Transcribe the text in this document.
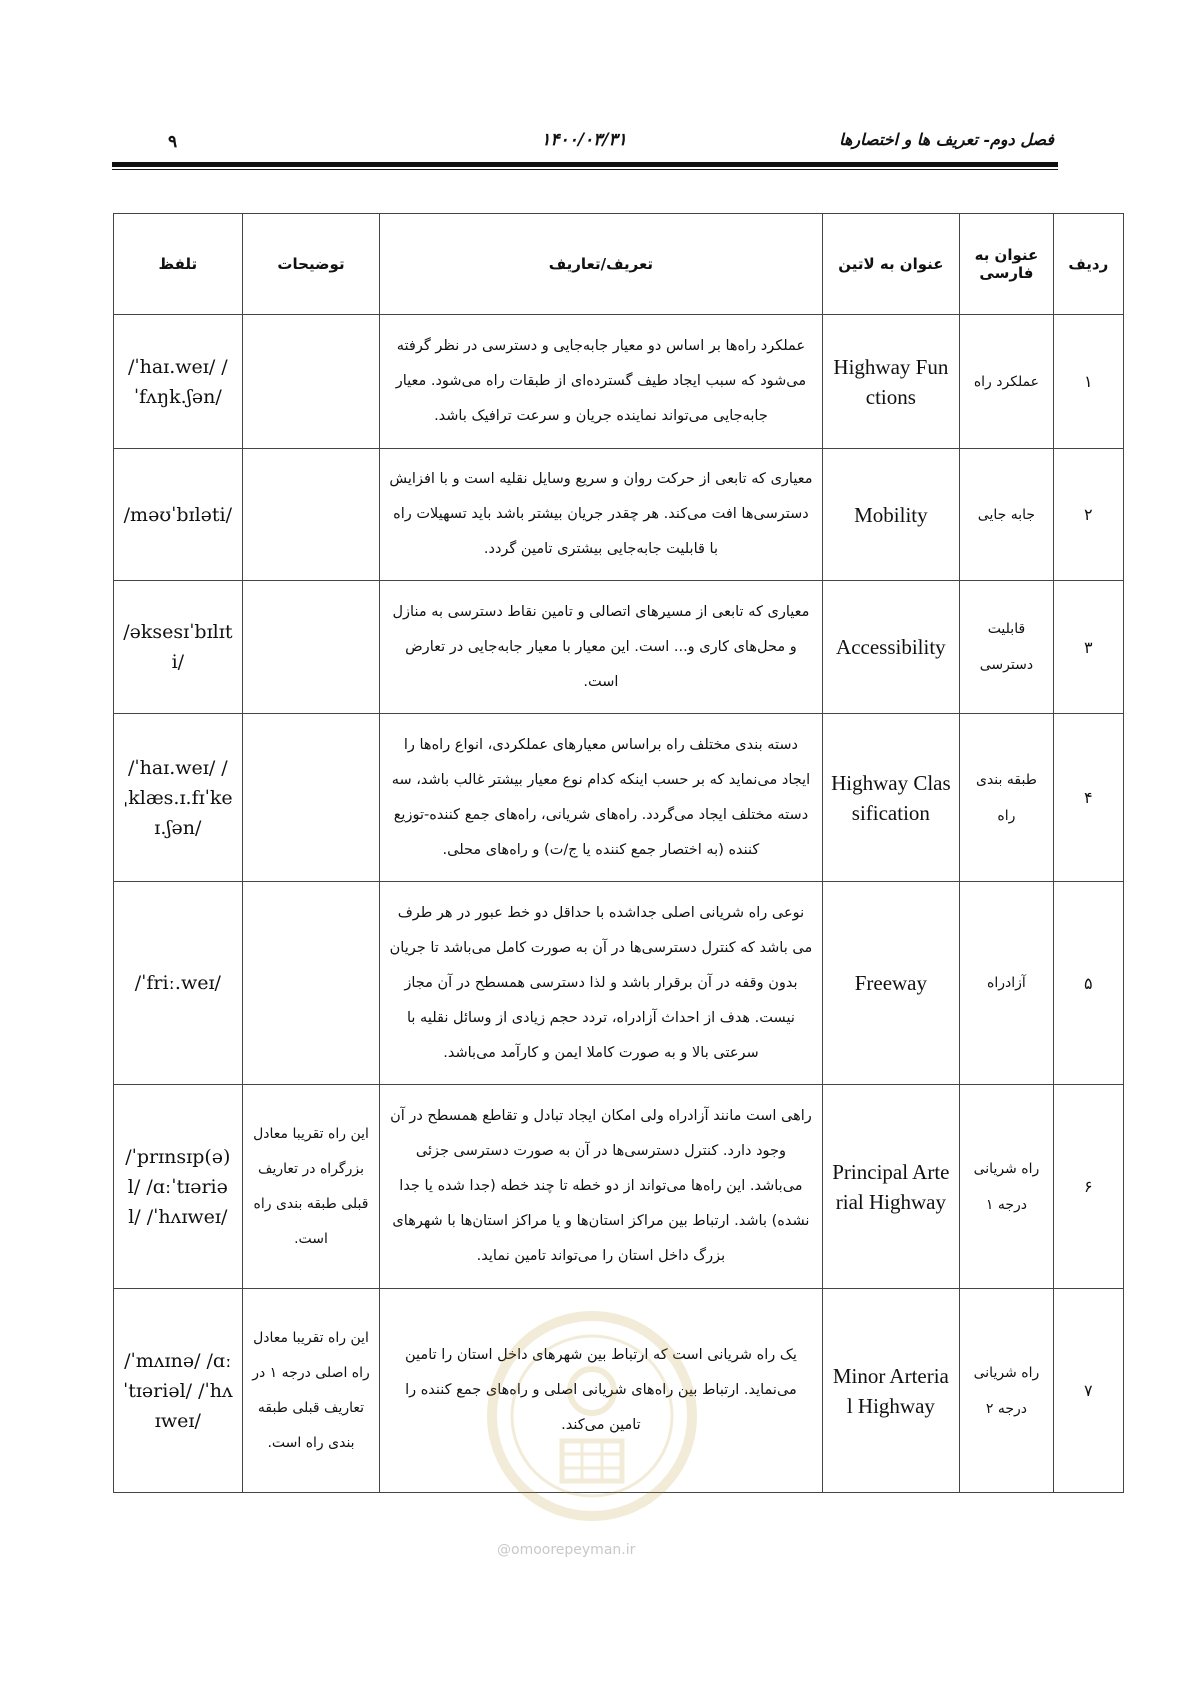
۹	۱۴۰۰/۰۳/۳۱	فصل دوم- تعریف ها و اختصارها
ردیف	عنوان به فارسی	عنوان به لاتین	تعریف/تعاریف	توضیحات	تلفظ
۱	عملکرد راه	Highway Functions	عملکرد راه‌ها بر اساس دو معیار جابه‌جایی و دسترسی در نظر گرفته می‌شود که سبب ایجاد طیف گسترده‌ای از طبقات راه می‌شود. معیار جابه‌جایی می‌تواند نماینده جریان و سرعت ترافیک باشد.		/ˈhaɪ.weɪ/ /ˈfʌŋk.ʃən/
۲	جابه جایی	Mobility	معیاری که تابعی از حرکت روان و سریع وسایل نقلیه است و با افزایش دسترسی‌ها افت می‌کند. هر چقدر جریان بیشتر باشد باید تسهیلات راه با قابلیت جابه‌جایی بیشتری تامین گردد.		/məʊˈbɪləti/
۳	قابلیت دسترسی	Accessibility	معیاری که تابعی از مسیرهای اتصالی و تامین نقاط دسترسی به منازل و محل‌های کاری و... است. این معیار با معیار جابه‌جایی در تعارض است.		/əksesɪˈbɪlɪti/
۴	طبقه بندی راه	Highway Classification	دسته بندی مختلف راه براساس معیارهای عملکردی، انواع راه‌ها را ایجاد می‌نماید که بر حسب اینکه کدام نوع معیار بیشتر غالب باشد، سه دسته مختلف ایجاد می‌گردد. راه‌های شریانی، راه‌های جمع کننده-توزیع کننده (به اختصار جمع کننده یا ج/ت) و راه‌های محلی.		/ˈhaɪ.weɪ/ /ˌklæs.ɪ.fɪˈkeɪ.ʃən/
۵	آزادراه	Freeway	نوعی راه شریانی اصلی جداشده با حداقل دو خط عبور در هر طرف می باشد که کنترل دسترسی‌ها در آن به صورت کامل می‌باشد تا جریان بدون وقفه در آن برقرار باشد و لذا دسترسی همسطح در آن مجاز نیست. هدف از احداث آزادراه، تردد حجم زیادی از وسائل نقلیه با سرعتی بالا و به صورت کاملا ایمن و کارآمد می‌باشد.		/ˈfriː.weɪ/
۶	راه شریانی درجه ۱	Principal Arterial Highway	راهی است مانند آزادراه ولی امکان ایجاد تبادل و تقاطع همسطح در آن وجود دارد. کنترل دسترسی‌ها در آن به صورت دسترسی جزئی می‌باشد. این راه‌ها می‌تواند از دو خطه تا چند خطه (جدا شده یا جدا نشده) باشد. ارتباط بین مراکز استان‌ها و یا مراکز استان‌ها با شهرهای بزرگ داخل استان را می‌تواند تامین نماید.	این راه تقریبا معادل بزرگراه در تعاریف قبلی طبقه بندی راه است.	/ˈprɪnsɪp(ə)l/ /ɑːˈtɪəriəl/ /ˈhʌɪweɪ/
۷	راه شریانی درجه ۲	Minor Arterial Highway	یک راه شریانی است که ارتباط بین شهرهای داخل استان را تامین می‌نماید. ارتباط بین راه‌های شریانی اصلی و راه‌های جمع کننده را تامین می‌کند.	این راه تقریبا معادل راه اصلی درجه ۱ در تعاریف قبلی طبقه بندی راه است.	/ˈmʌɪnə/ /ɑːˈtɪəriəl/ /ˈhʌɪweɪ/
@omoorepeyman.ir
